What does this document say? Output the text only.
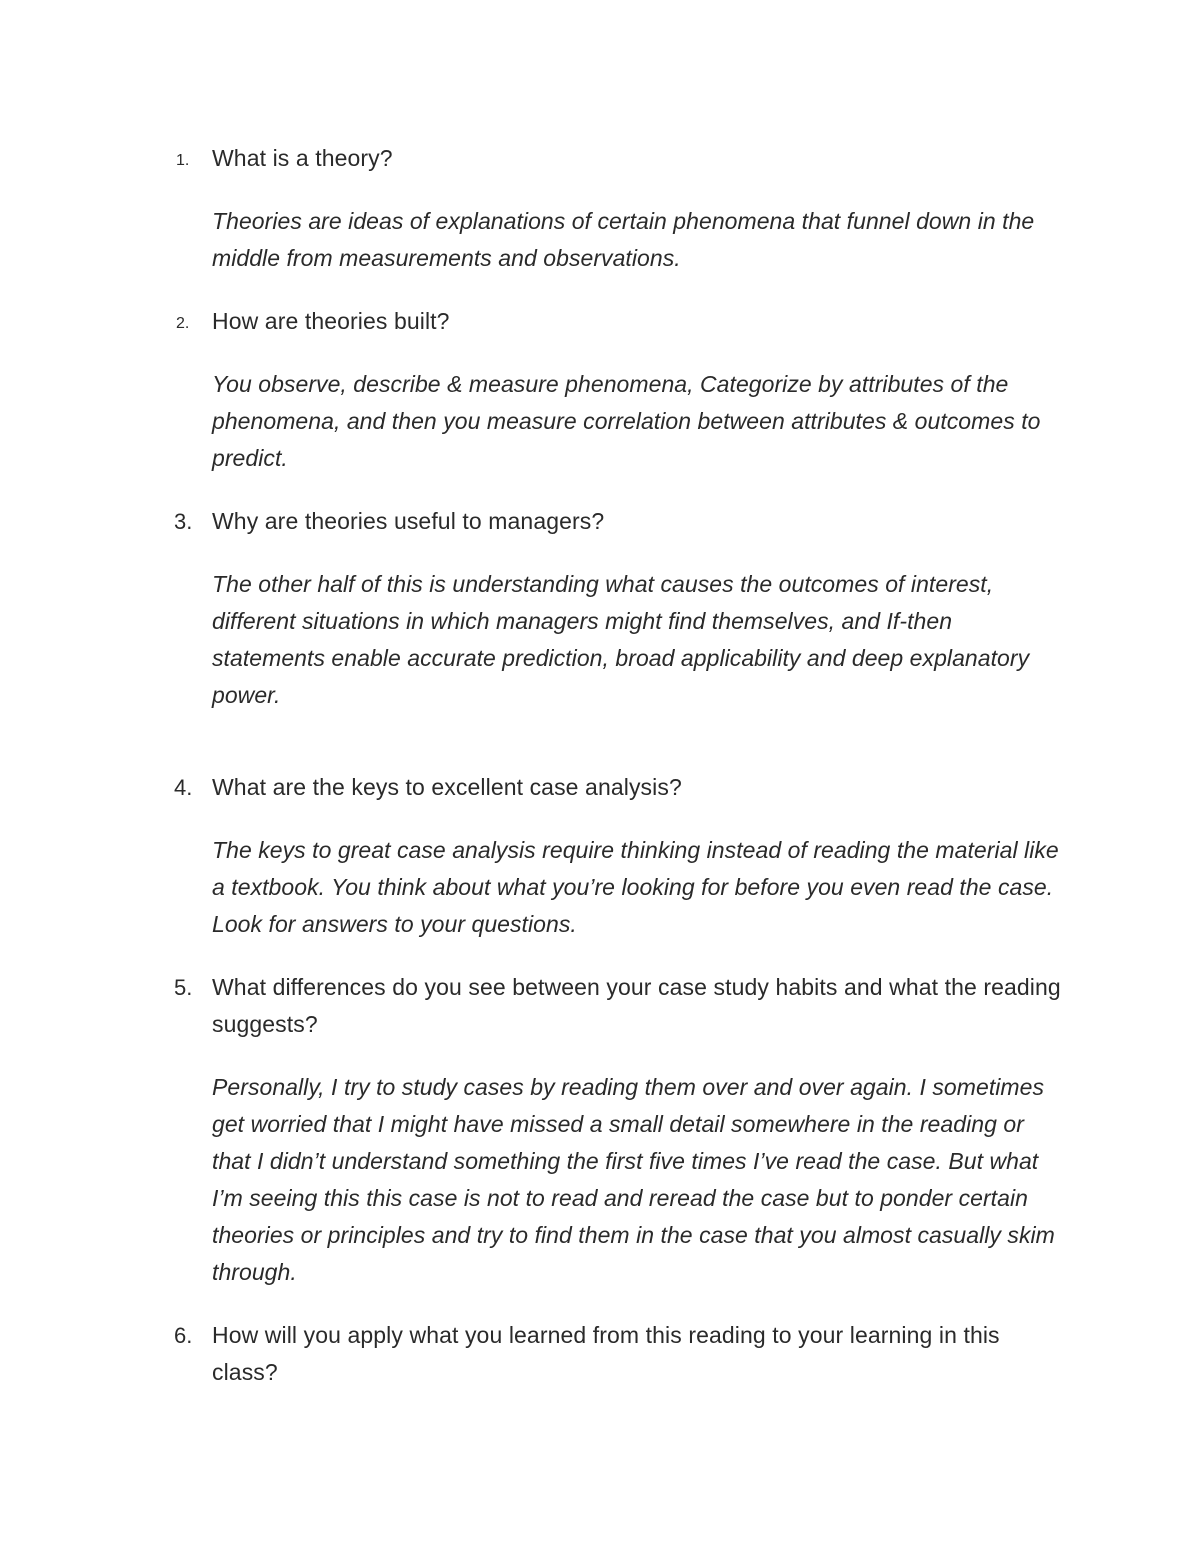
1. What is a theory?

Theories are ideas of explanations of certain phenomena that funnel down in the middle from measurements and observations.

2. How are theories built?

You observe, describe & measure phenomena, Categorize by attributes of the phenomena, and then you measure correlation between attributes & outcomes to predict.

3. Why are theories useful to managers?

The other half of this is understanding what causes the outcomes of interest, different situations in which managers might find themselves, and If-then statements enable accurate prediction, broad applicability and deep explanatory power.

4. What are the keys to excellent case analysis?

The keys to great case analysis require thinking instead of reading the material like a textbook. You think about what you’re looking for before you even read the case. Look for answers to your questions.

5. What differences do you see between your case study habits and what the reading suggests?

Personally, I try to study cases by reading them over and over again. I sometimes get worried that I might have missed a small detail somewhere in the reading or that I didn’t understand something the first five times I’ve read the case. But what I’m seeing this this case is not to read and reread the case but to ponder certain theories or principles and try to find them in the case that you almost casually skim through.

6. How will you apply what you learned from this reading to your learning in this class?
